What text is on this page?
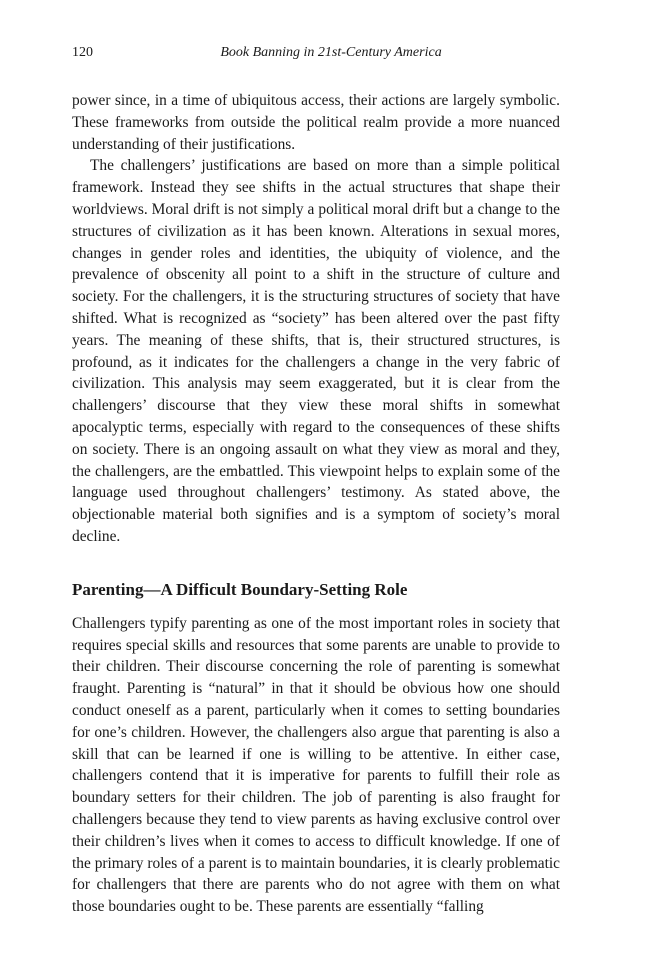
120	Book Banning in 21st-Century America

power since, in a time of ubiquitous access, their actions are largely symbolic. These frameworks from outside the political realm provide a more nuanced understanding of their justifications.

The challengers’ justifications are based on more than a simple political framework. Instead they see shifts in the actual structures that shape their worldviews. Moral drift is not simply a political moral drift but a change to the structures of civilization as it has been known. Alterations in sexual mores, changes in gender roles and identities, the ubiquity of violence, and the prevalence of obscenity all point to a shift in the structure of culture and society. For the challengers, it is the structuring structures of society that have shifted. What is recognized as “society” has been altered over the past fifty years. The meaning of these shifts, that is, their structured structures, is profound, as it indicates for the challengers a change in the very fabric of civilization. This analysis may seem exaggerated, but it is clear from the challengers’ discourse that they view these moral shifts in somewhat apocalyptic terms, especially with regard to the consequences of these shifts on society. There is an ongoing assault on what they view as moral and they, the challengers, are the embattled. This viewpoint helps to explain some of the language used throughout challengers’ testimony. As stated above, the objectionable material both signifies and is a symptom of society’s moral decline.

Parenting—A Difficult Boundary-Setting Role

Challengers typify parenting as one of the most important roles in society that requires special skills and resources that some parents are unable to provide to their children. Their discourse concerning the role of parenting is somewhat fraught. Parenting is “natural” in that it should be obvious how one should conduct oneself as a parent, particularly when it comes to setting boundaries for one’s children. However, the challengers also argue that parenting is also a skill that can be learned if one is willing to be attentive. In either case, challengers contend that it is imperative for parents to fulfill their role as boundary setters for their children. The job of parenting is also fraught for challengers because they tend to view parents as having exclusive control over their children’s lives when it comes to access to difficult knowledge. If one of the primary roles of a parent is to maintain boundaries, it is clearly problematic for challengers that there are parents who do not agree with them on what those boundaries ought to be. These parents are essentially “falling
